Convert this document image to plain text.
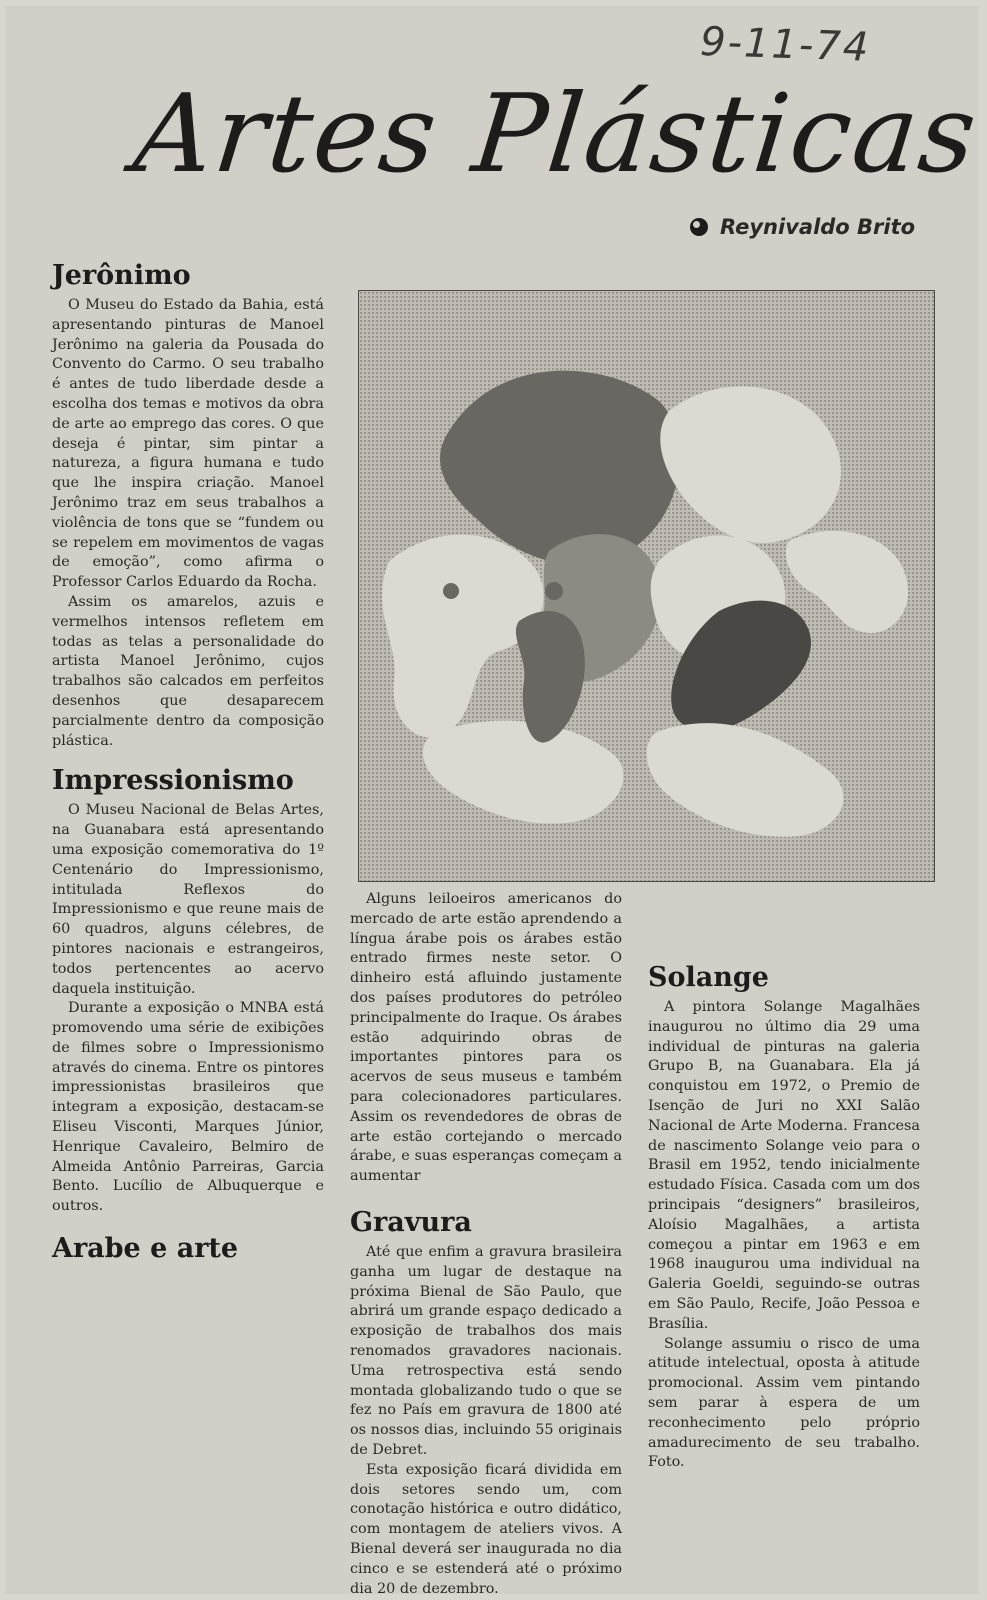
9-11-74
Artes Plásticas
Reynivaldo Brito
Jerônimo

O Museu do Estado da Bahia, está apresentando pinturas de Manoel Jerônimo na galeria da Pousada do Convento do Carmo. O seu trabalho é antes de tudo liberdade desde a escolha dos temas e motivos da obra de arte ao emprego das cores. O que deseja é pintar, sim pintar a natureza, a figura humana e tudo que lhe inspira criação. Manoel Jerônimo traz em seus trabalhos a violência de tons que se “fundem ou se repelem em movimentos de vagas de emoção”, como afirma o Professor Carlos Eduardo da Rocha.

Assim os amarelos, azuis e vermelhos intensos refletem em todas as telas a personalidade do artista Manoel Jerônimo, cujos trabalhos são calcados em perfeitos desenhos que desaparecem parcialmente dentro da composição plástica.

Impressionismo

O Museu Nacional de Belas Artes, na Guanabara está apresentando uma exposição comemorativa do 1º Centenário do Impressionismo, intitulada Reflexos do Impressionismo e que reune mais de 60 quadros, alguns célebres, de pintores nacionais e estrangeiros, todos pertencentes ao acervo daquela instituição.

Durante a exposição o MNBA está promovendo uma série de exibições de filmes sobre o Impressionismo através do cinema. Entre os pintores impressionistas brasileiros que integram a exposição, destacam-se Eliseu Visconti, Marques Júnior, Henrique Cavaleiro, Belmiro de Almeida Antônio Parreiras, Garcia Bento. Lucílio de Albuquerque e outros.

Arabe e arte

Alguns leiloeiros americanos do mercado de arte estão aprendendo a língua árabe pois os árabes estão entrado firmes neste setor. O dinheiro está afluindo justamente dos países produtores do petróleo principalmente do Iraque. Os árabes estão adquirindo obras de importantes pintores para os acervos de seus museus e também para colecionadores particulares. Assim os revendedores de obras de arte estão cortejando o mercado árabe, e suas esperanças começam a aumentar

Gravura

Até que enfim a gravura brasileira ganha um lugar de destaque na próxima Bienal de São Paulo, que abrirá um grande espaço dedicado a exposição de trabalhos dos mais renomados gravadores nacionais. Uma retrospectiva está sendo montada globalizando tudo o que se fez no País em gravura de 1800 até os nossos dias, incluindo 55 originais de Debret.

Esta exposição ficará dividida em dois setores sendo um, com conotação histórica e outro didático, com montagem de ateliers vivos. A Bienal deverá ser inaugurada no dia cinco e se estenderá até o próximo dia 20 de dezembro.

Solange

A pintora Solange Magalhães inaugurou no último dia 29 uma individual de pinturas na galeria Grupo B, na Guanabara. Ela já conquistou em 1972, o Premio de Isenção de Juri no XXI Salão Nacional de Arte Moderna. Francesa de nascimento Solange veio para o Brasil em 1952, tendo inicialmente estudado Física. Casada com um dos principais “designers” brasileiros, Aloísio Magalhães, a artista começou a pintar em 1963 e em 1968 inaugurou uma individual na Galeria Goeldi, seguindo-se outras em São Paulo, Recife, João Pessoa e Brasília.

Solange assumiu o risco de uma atitude intelectual, oposta à atitude promocional. Assim vem pintando sem parar à espera de um reconhecimento pelo próprio amadurecimento de seu trabalho. Foto.
